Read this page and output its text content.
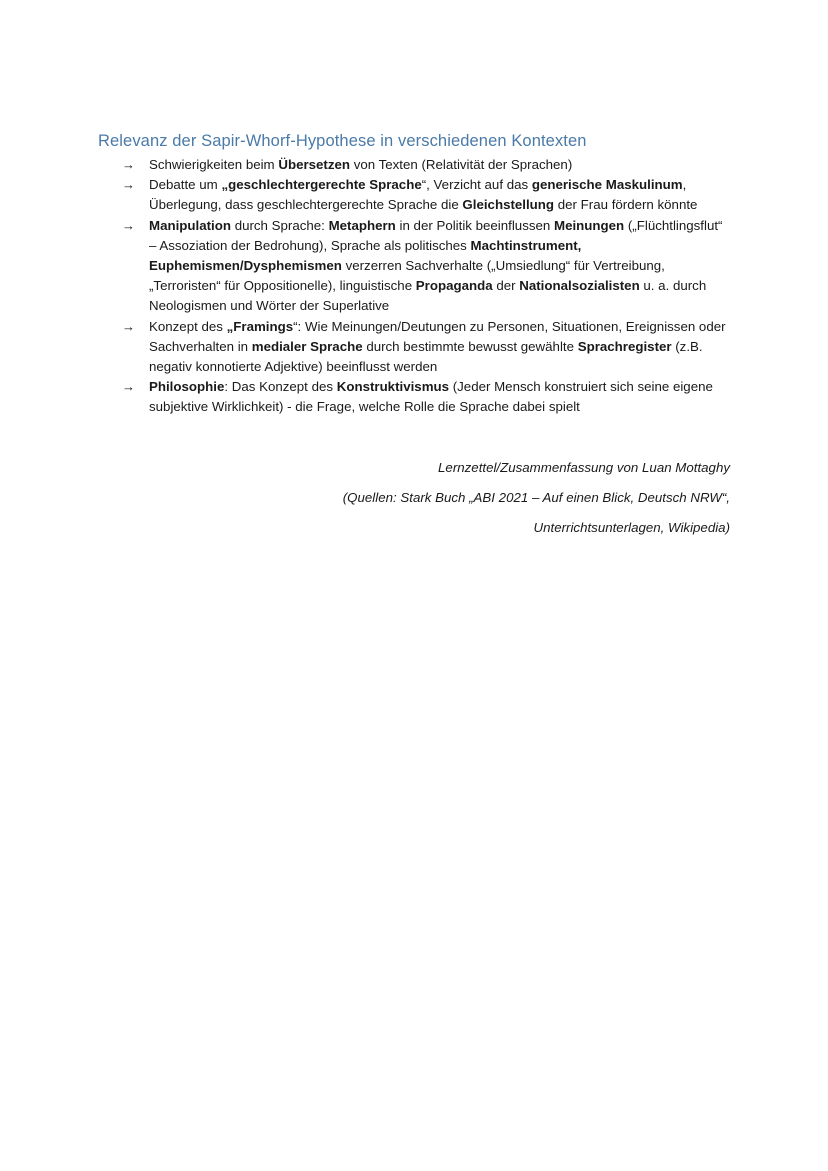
Relevanz der Sapir-Whorf-Hypothese in verschiedenen Kontexten
→	Schwierigkeiten beim Übersetzen von Texten (Relativität der Sprachen)
→	Debatte um „geschlechtergerechte Sprache“, Verzicht auf das generische Maskulinum, Überlegung, dass geschlechtergerechte Sprache die Gleichstellung der Frau fördern könnte
→	Manipulation durch Sprache: Metaphern in der Politik beeinflussen Meinungen („Flüchtlingsflut“ – Assoziation der Bedrohung), Sprache als politisches Machtinstrument, Euphemismen/Dysphemismen verzerren Sachverhalte („Umsiedlung“ für Vertreibung, „Terroristen“ für Oppositionelle), linguistische Propaganda der Nationalsozialisten u. a. durch Neologismen und Wörter der Superlative
→	Konzept des „Framings“: Wie Meinungen/Deutungen zu Personen, Situationen, Ereignissen oder Sachverhalten in medialer Sprache durch bestimmte bewusst gewählte Sprachregister (z.B. negativ konnotierte Adjektive) beeinflusst werden
→	Philosophie: Das Konzept des Konstruktivismus (Jeder Mensch konstruiert sich seine eigene subjektive Wirklichkeit) - die Frage, welche Rolle die Sprache dabei spielt
Lernzettel/Zusammenfassung von Luan Mottaghy
(Quellen: Stark Buch „ABI 2021 – Auf einen Blick, Deutsch NRW“,
Unterrichtsunterlagen, Wikipedia)
